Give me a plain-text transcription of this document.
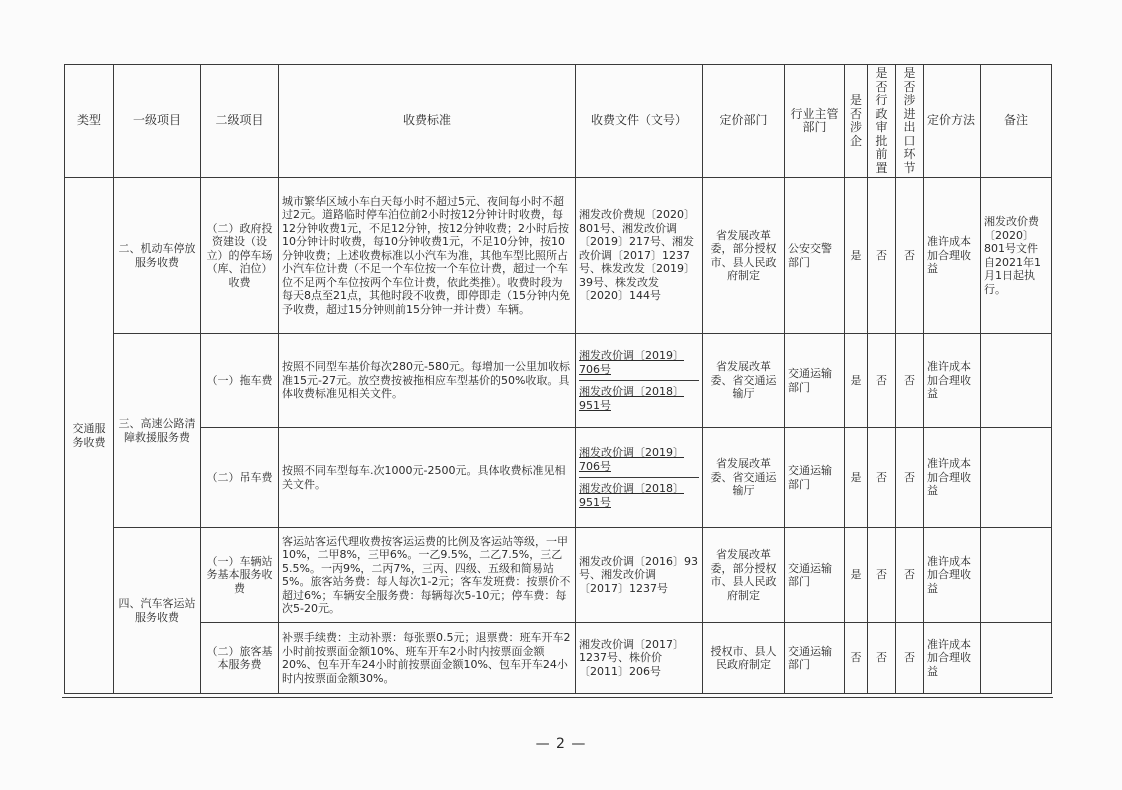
类型	一级项目	二级项目	收费标准	收费文件（文号）	定价部门	行业主管部门	是否涉企	是否行政审批前置	是否涉进出口环节	定价方法	备注
交通服务收费	二、机动车停放服务收费	（二）政府投资建设（设立）的停车场（库、泊位）收费	城市繁华区域小车白天每小时不超过5元、夜间每小时不超过2元。道路临时停车泊位前2小时按12分钟计时收费，每12分钟收费1元，不足12分钟，按12分钟收费；2小时后按10分钟计时收费，每10分钟收费1元，不足10分钟，按10分钟收费；上述收费标准以小汽车为准，其他车型比照所占小汽车位计费（不足一个车位按一个车位计费，超过一个车位不足两个车位按两个车位计费，依此类推）。收费时段为每天8点至21点，其他时段不收费，即停即走（15分钟内免予收费，超过15分钟则前15分钟一并计费）车辆。	湘发改价费规〔2020〕801号、湘发改价调〔2019〕217号、湘发改价调〔2017〕1237号、株发改发〔2019〕39号、株发改发〔2020〕144号	省发展改革委，部分授权市、县人民政府制定	公安交警部门	是	否	否	准许成本加合理收益	湘发改价费〔2020〕801号文件自2021年1月1日起执行。
	三、高速公路清障救援服务费	（一）拖车费	按照不同型车基价每次280元-580元。每增加一公里加收标准15元-27元。放空费按被拖相应车型基价的50%收取。具体收费标准见相关文件。	湘发改价调〔2019〕706号
湘发改价调〔2018〕951号	省发展改革委、省交通运输厅	交通运输部门	是	否	否	准许成本加合理收益	
		（二）吊车费	按照不同车型每车.次1000元-2500元。具体收费标准见相关文件。	湘发改价调〔2019〕706号
湘发改价调〔2018〕951号	省发展改革委、省交通运输厅	交通运输部门	是	否	否	准许成本加合理收益	
	四、汽车客运站服务收费	（一）车辆站务基本服务收费	客运站客运代理收费按客运运费的比例及客运站等级，一甲10%，二甲8%，三甲6%。一乙9.5%，二乙7.5%，三乙5.5%。一丙9%，二丙7%，三丙、四级、五级和简易站5%。旅客站务费：每人每次1-2元；客车发班费：按票价不超过6%；车辆安全服务费：每辆每次5-10元；停车费：每次5-20元。	湘发改价调〔2016〕93号、湘发改价调〔2017〕1237号	省发展改革委，部分授权市、县人民政府制定	交通运输部门	是	否	否	准许成本加合理收益	
		（二）旅客基本服务费	补票手续费：主动补票：每张票0.5元；退票费：班车开车2小时前按票面金额10%、班车开车2小时内按票面金额20%、包车开车24小时前按票面金额10%、包车开车24小时内按票面金额30%。	湘发改价调〔2017〕1237号、株价价〔2011〕206号	授权市、县人民政府制定	交通运输部门	否	否	否	准许成本加合理收益	
— 2 —
